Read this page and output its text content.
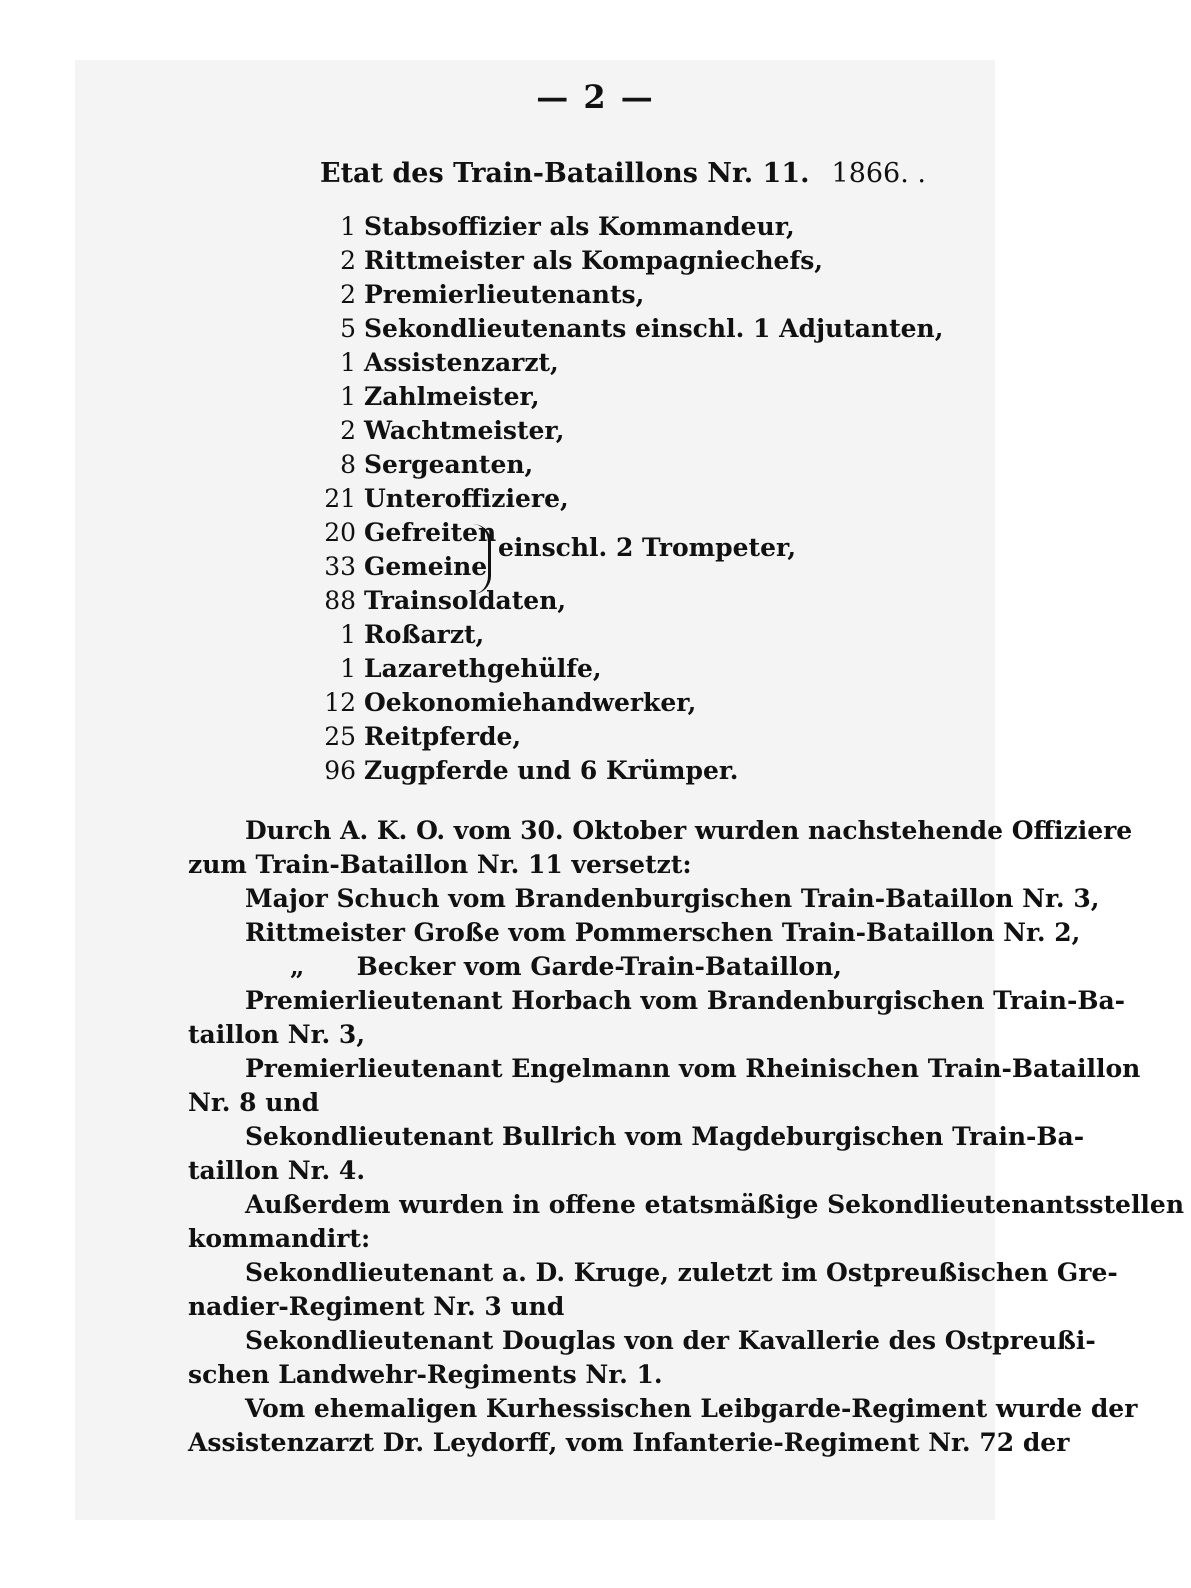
— 2 —
Etat des Train-Bataillons Nr. 11. 1866. .
1 Stabsoffizier als Kommandeur,
2 Rittmeister als Kompagniechefs,
2 Premierlieutenants,
5 Sekondlieutenants einschl. 1 Adjutanten,
1 Assistenzarzt,
1 Zahlmeister,
2 Wachtmeister,
8 Sergeanten,
21 Unteroffiziere,
20 Gefreiten
33 Gemeine
88 Trainsoldaten,
1 Roßarzt,
1 Lazarethgehülfe,
12 Oekonomiehandwerker,
25 Reitpferde,
96 Zugpferde und 6 Krümper.
einschl. 2 Trompeter,
Durch A. K. O. vom 30. Oktober wurden nachstehende Offiziere
zum Train-Bataillon Nr. 11 versetzt:
Major Schuch vom Brandenburgischen Train-Bataillon Nr. 3,
Rittmeister Große vom Pommerschen Train-Bataillon Nr. 2,
„      Becker vom Garde-Train-Bataillon,
Premierlieutenant Horbach vom Brandenburgischen Train-Ba-
taillon Nr. 3,
Premierlieutenant Engelmann vom Rheinischen Train-Bataillon
Nr. 8 und
Sekondlieutenant Bullrich vom Magdeburgischen Train-Ba-
taillon Nr. 4.
Außerdem wurden in offene etatsmäßige Sekondlieutenantsstellen
kommandirt:
Sekondlieutenant a. D. Kruge, zuletzt im Ostpreußischen Gre-
nadier-Regiment Nr. 3 und
Sekondlieutenant Douglas von der Kavallerie des Ostpreußi-
schen Landwehr-Regiments Nr. 1.
Vom ehemaligen Kurhessischen Leibgarde-Regiment wurde der
Assistenzarzt Dr. Leydorff, vom Infanterie-Regiment Nr. 72 der
